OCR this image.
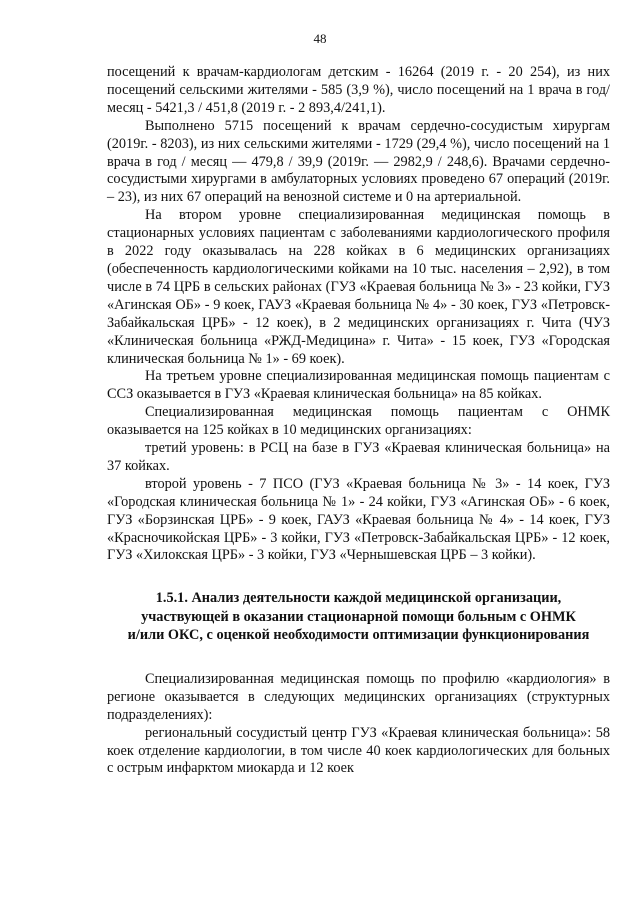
48

посещений к врачам-кардиологам детским - 16264 (2019 г. - 20 254), из них посещений сельскими жителями - 585 (3,9 %), число посещений на 1 врача в год/месяц - 5421,3 / 451,8 (2019 г. - 2 893,4/241,1).

Выполнено 5715 посещений к врачам сердечно-сосудистым хирургам (2019г. - 8203), из них сельскими жителями - 1729 (29,4 %), число посещений на 1 врача в год / месяц — 479,8 / 39,9 (2019г. — 2982,9 / 248,6). Врачами сердечно-сосудистыми хирургами в амбулаторных условиях проведено 67 операций (2019г. – 23), из них 67 операций на венозной системе и 0 на артериальной.

На втором уровне специализированная медицинская помощь в стационарных условиях пациентам с заболеваниями кардиологического профиля в 2022 году оказывалась на 228 койках в 6 медицинских организациях (обеспеченность кардиологическими койками на 10 тыс. населения – 2,92), в том числе в 74 ЦРБ в сельских районах (ГУЗ «Краевая больница № 3» - 23 койки, ГУЗ «Агинская ОБ» - 9 коек, ГАУЗ «Краевая больница № 4» - 30 коек, ГУЗ «Петровск-Забайкальская ЦРБ» - 12 коек), в 2 медицинских организациях г. Чита (ЧУЗ «Клиническая больница «РЖД-Медицина» г. Чита» - 15 коек, ГУЗ «Городская клиническая больница № 1» - 69 коек).

На третьем уровне специализированная медицинская помощь пациентам с ССЗ оказывается в ГУЗ «Краевая клиническая больница» на 85 койках.

Специализированная медицинская помощь пациентам с ОНМК оказывается на 125 койках в 10 медицинских организациях:

третий уровень: в РСЦ на базе в ГУЗ «Краевая клиническая больница» на 37 койках.

второй уровень - 7 ПСО (ГУЗ «Краевая больница № 3» - 14 коек, ГУЗ «Городская клиническая больница № 1» - 24 койки, ГУЗ «Агинская ОБ» - 6 коек, ГУЗ «Борзинская ЦРБ» - 9 коек, ГАУЗ «Краевая больница № 4» - 14 коек, ГУЗ «Красночикойская ЦРБ» - 3 койки, ГУЗ «Петровск-Забайкальская ЦРБ» - 12 коек, ГУЗ «Хилокская ЦРБ» - 3 койки, ГУЗ «Чернышевская ЦРБ – 3 койки).

1.5.1. Анализ деятельности каждой медицинской организации,
участвующей в оказании стационарной помощи больным с ОНМК
и/или ОКС, с оценкой необходимости оптимизации функционирования

Специализированная медицинская помощь по профилю «кардиология» в регионе оказывается в следующих медицинских организациях (структурных подразделениях):

региональный сосудистый центр ГУЗ «Краевая клиническая больница»: 58 коек отделение кардиологии, в том числе 40 коек кардиологических для больных с острым инфарктом миокарда и 12 коек
